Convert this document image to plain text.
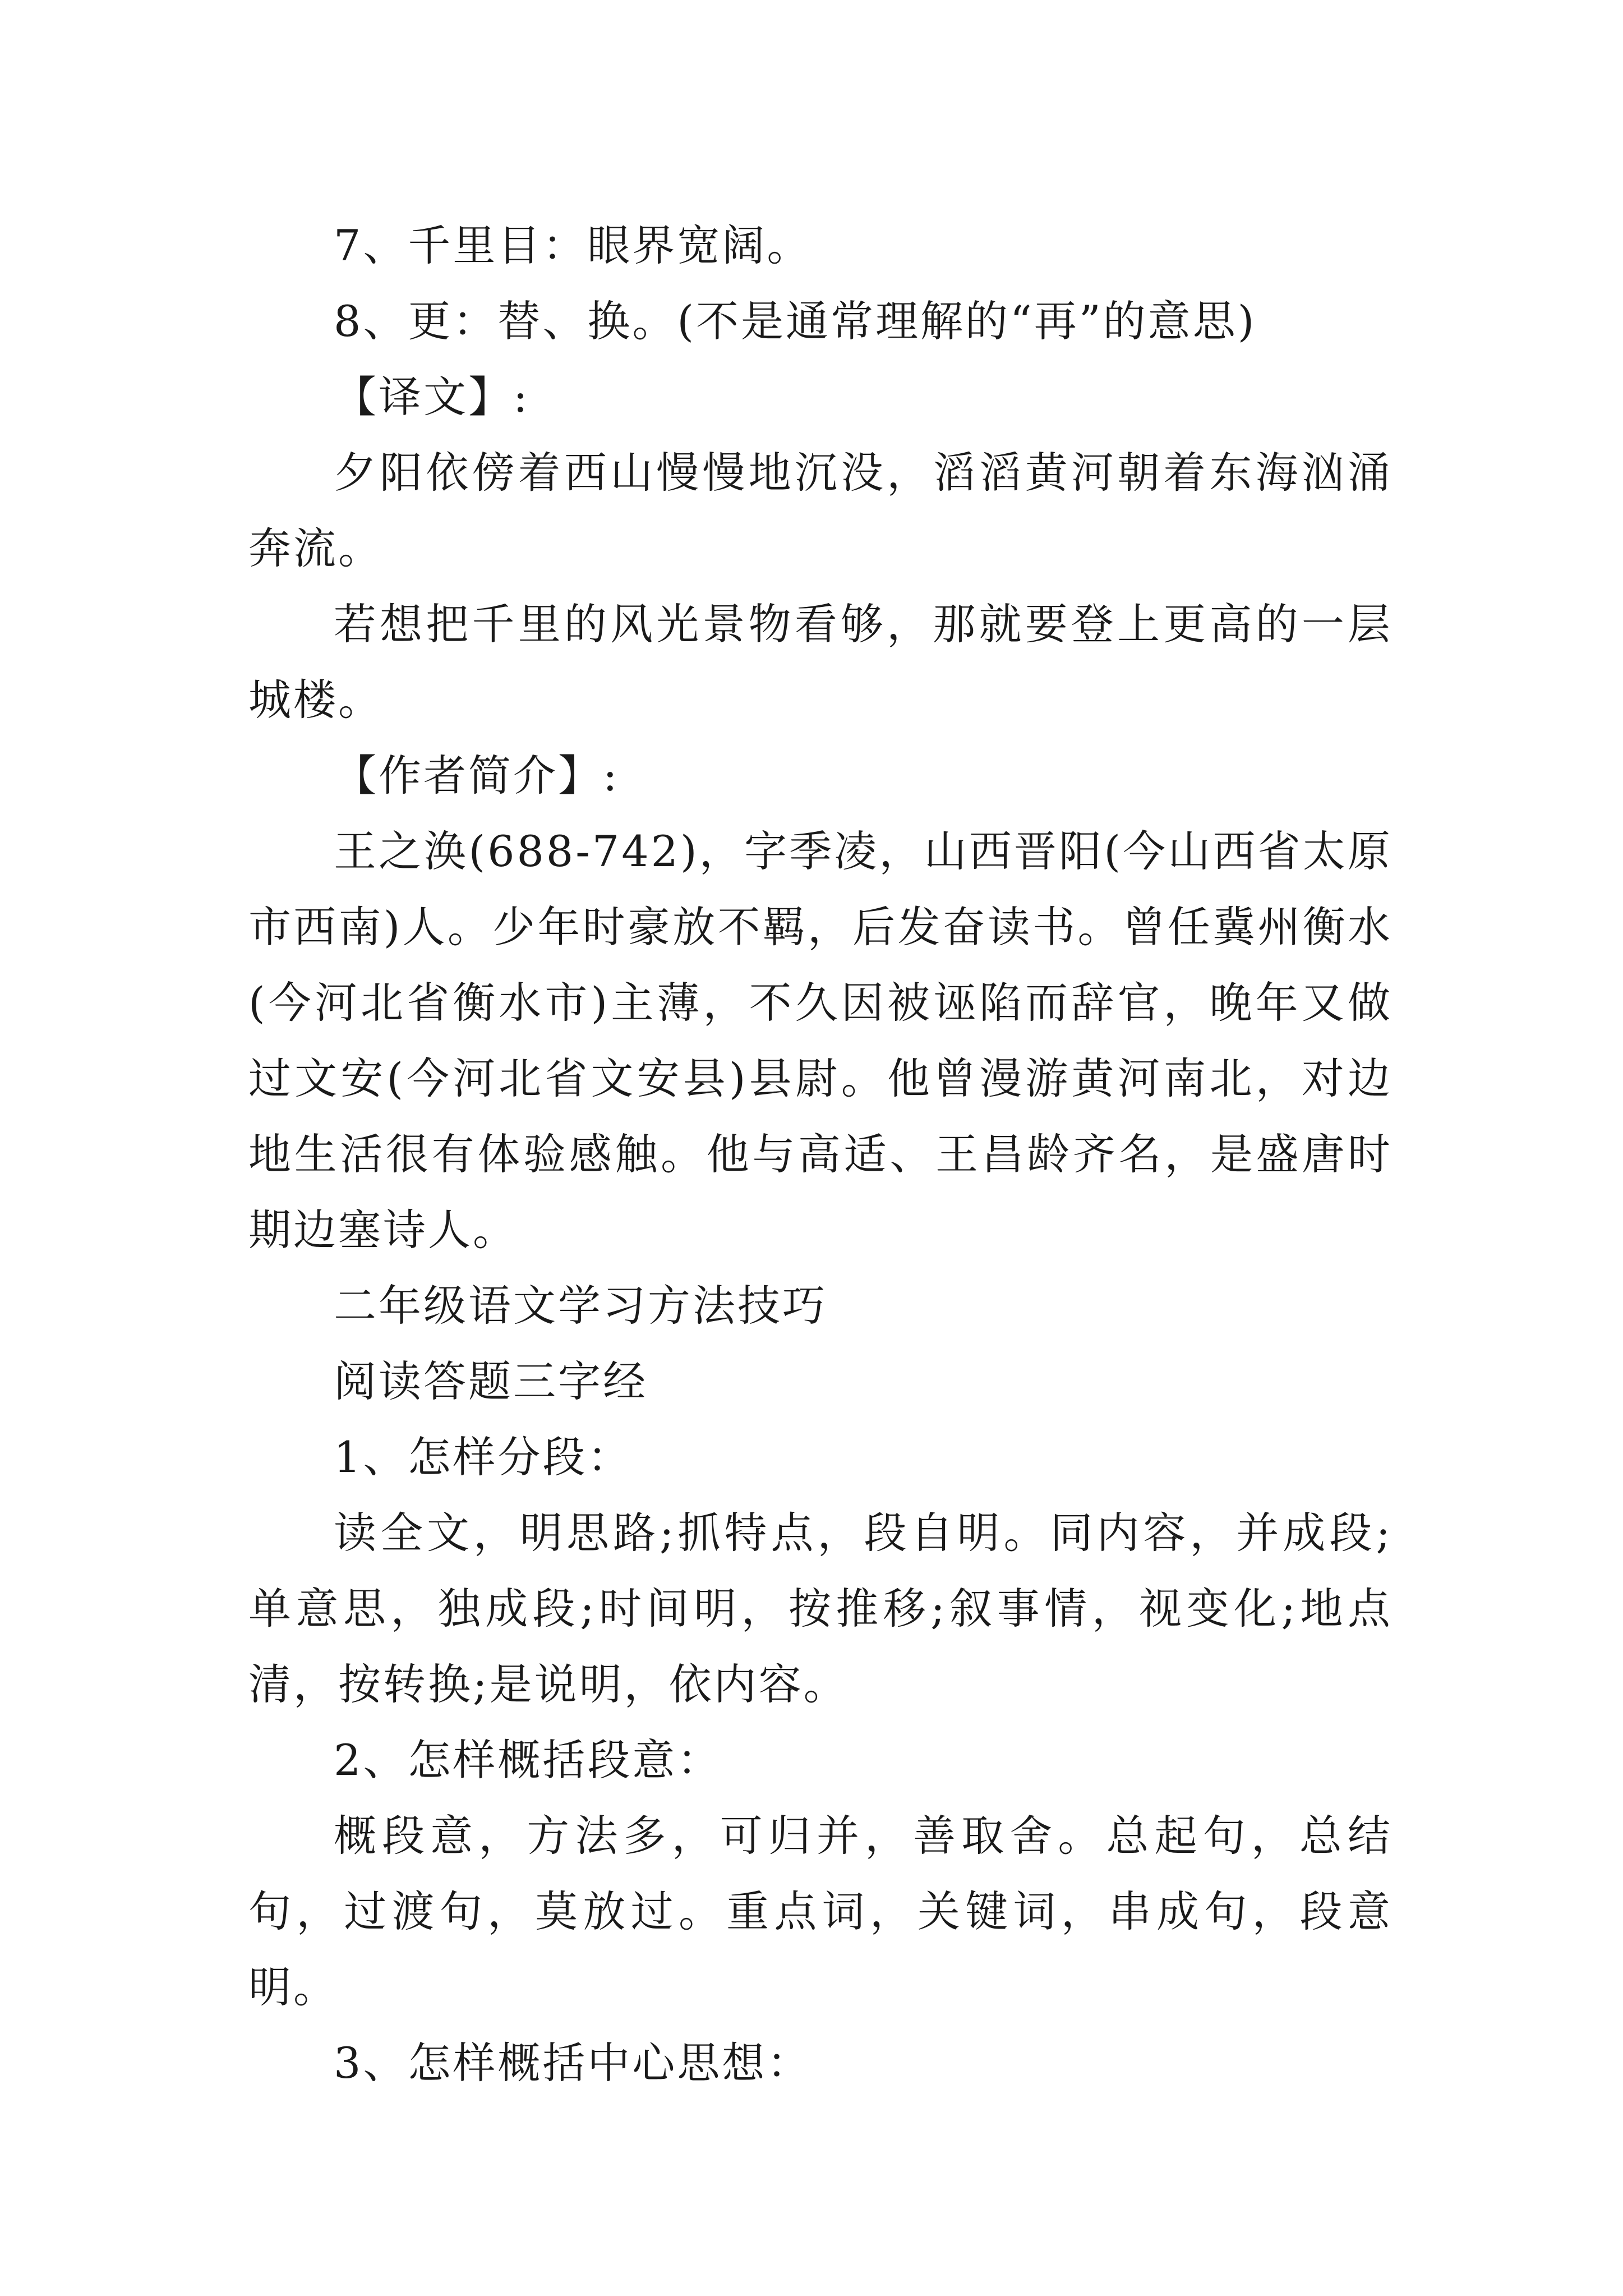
7、千里目：眼界宽阔。

8、更：替、换。(不是通常理解的“再”的意思)

【译文】:

夕阳依傍着西山慢慢地沉没，滔滔黄河朝着东海汹涌奔流。

若想把千里的风光景物看够，那就要登上更高的一层城楼。

【作者简介】:

王之涣(688-742)，字季凌，山西晋阳(今山西省太原市西南)人。少年时豪放不羁，后发奋读书。曾任冀州衡水(今河北省衡水市)主薄，不久因被诬陷而辞官，晚年又做过文安(今河北省文安县)县尉。他曾漫游黄河南北，对边地生活很有体验感触。他与高适、王昌龄齐名，是盛唐时期边塞诗人。

二年级语文学习方法技巧

阅读答题三字经

1、怎样分段：

读全文，明思路;抓特点，段自明。同内容，并成段;单意思，独成段;时间明，按推移;叙事情，视变化;地点清，按转换;是说明，依内容。

2、怎样概括段意：

概段意，方法多，可归并，善取舍。总起句，总结句，过渡句，莫放过。重点词，关键词，串成句，段意明。

3、怎样概括中心思想：
